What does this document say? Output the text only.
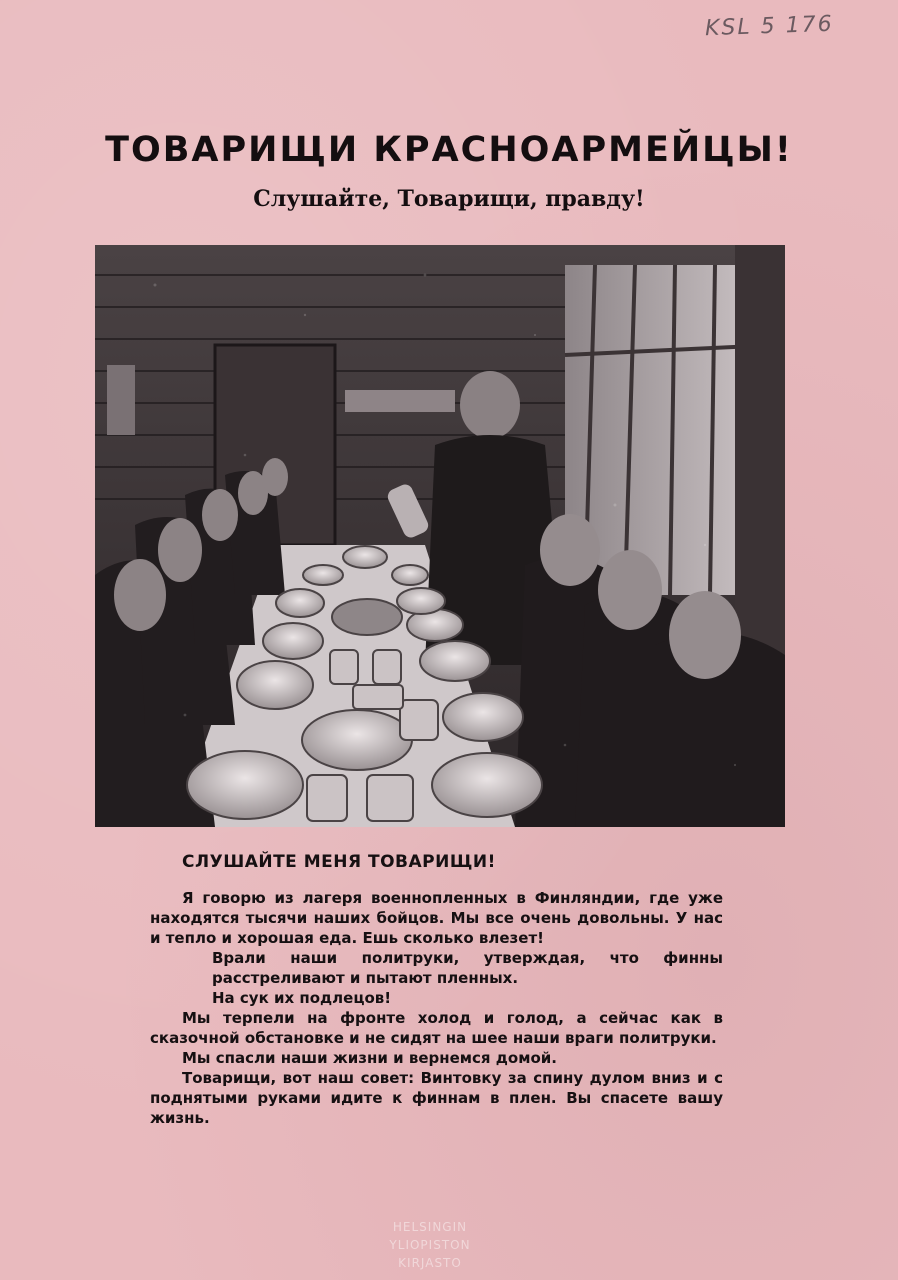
KSL 5 176
ТОВАРИЩИ КРАСНОАРМЕЙЦЫ!
Слушайте, Товарищи, правду!
СЛУШАЙТЕ МЕНЯ ТОВАРИЩИ!

Я говорю из лагеря военнопленных в Финляндии, где уже находятся тысячи наших бойцов. Мы все очень довольны. У нас и тепло и хорошая еда. Ешь сколько влезет!

Врали наши политруки, утверждая, что финны расстреливают и пытают пленных.

На сук их подлецов!

Мы терпели на фронте холод и голод, а сейчас как в сказочной обстановке и не сидят на шее наши враги политруки.

Мы спасли наши жизни и вернемся домой.

Товарищи, вот наш совет: Винтовку за спину дулом вниз и с поднятыми руками идите к финнам в плен. Вы спасете вашу жизнь.

HELSINGIN
YLIOPISTON
KIRJASTO
